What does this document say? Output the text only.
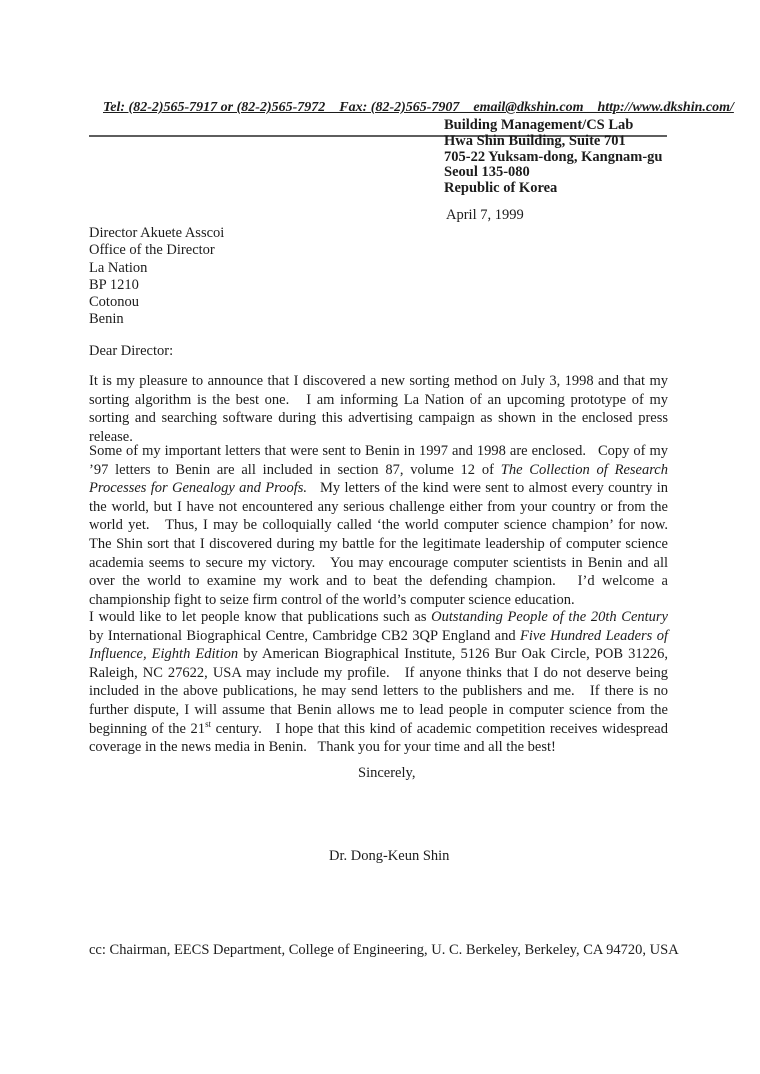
Tel: (82-2)565-7917 or (82-2)565-7972    Fax: (82-2)565-7907    email@dkshin.com    http://www.dkshin.com/

Building Management/CS Lab
Hwa Shin Building, Suite 701
705-22 Yuksam-dong, Kangnam-gu
Seoul 135-080
Republic of Korea
April 7, 1999
Director Akuete Asscoi
Office of the Director
La Nation
BP 1210
Cotonou
Benin
Dear Director:
It is my pleasure to announce that I discovered a new sorting method on July 3, 1998 and that my sorting algorithm is the best one.   I am informing La Nation of an upcoming prototype of my sorting and searching software during this advertising campaign as shown in the enclosed press release.
Some of my important letters that were sent to Benin in 1997 and 1998 are enclosed.   Copy of my ’97 letters to Benin are all included in section 87, volume 12 of The Collection of Research Processes for Genealogy and Proofs.   My letters of the kind were sent to almost every country in the world, but I have not encountered any serious challenge either from your country or from the world yet.   Thus, I may be colloquially called ‘the world computer science champion’ for now.   The Shin sort that I discovered during my battle for the legitimate leadership of computer science academia seems to secure my victory.   You may encourage computer scientists in Benin and all over the world to examine my work and to beat the defending champion.   I’d welcome a championship fight to seize firm control of the world’s computer science education.
I would like to let people know that publications such as Outstanding People of the 20th Century by International Biographical Centre, Cambridge CB2 3QP England and Five Hundred Leaders of Influence, Eighth Edition by American Biographical Institute, 5126 Bur Oak Circle, POB 31226, Raleigh, NC 27622, USA may include my profile.   If anyone thinks that I do not deserve being included in the above publications, he may send letters to the publishers and me.   If there is no further dispute, I will assume that Benin allows me to lead people in computer science from the beginning of the 21st century.   I hope that this kind of academic competition receives widespread coverage in the news media in Benin.   Thank you for your time and all the best!
Sincerely,
Dr. Dong-Keun Shin
cc: Chairman, EECS Department, College of Engineering, U. C. Berkeley, Berkeley, CA 94720, USA
